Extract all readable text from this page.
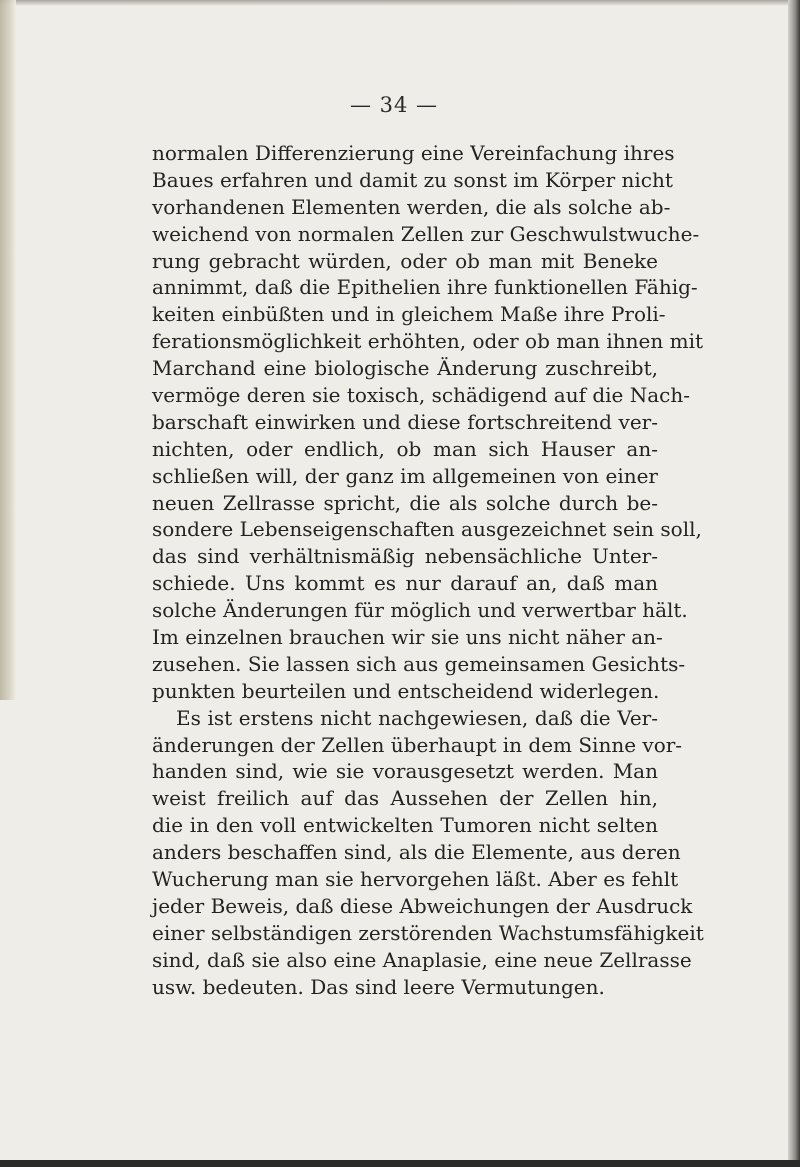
— 34 —
normalen Differenzierung eine Vereinfachung ihres
Baues erfahren und damit zu sonst im Körper nicht
vorhandenen Elementen werden, die als solche ab-
weichend von normalen Zellen zur Geschwulstwuche-
rung gebracht würden, oder ob man mit Beneke
annimmt, daß die Epithelien ihre funktionellen Fähig-
keiten einbüßten und in gleichem Maße ihre Proli-
ferationsmöglichkeit erhöhten, oder ob man ihnen mit
Marchand eine biologische Änderung zuschreibt,
vermöge deren sie toxisch, schädigend auf die Nach-
barschaft einwirken und diese fortschreitend ver-
nichten, oder endlich, ob man sich Hauser an-
schließen will, der ganz im allgemeinen von einer
neuen Zellrasse spricht, die als solche durch be-
sondere Lebenseigenschaften ausgezeichnet sein soll,
das sind verhältnismäßig nebensächliche Unter-
schiede. Uns kommt es nur darauf an, daß man
solche Änderungen für möglich und verwertbar hält.
Im einzelnen brauchen wir sie uns nicht näher an-
zusehen. Sie lassen sich aus gemeinsamen Gesichts-
punkten beurteilen und entscheidend widerlegen.
Es ist erstens nicht nachgewiesen, daß die Ver-
änderungen der Zellen überhaupt in dem Sinne vor-
handen sind, wie sie vorausgesetzt werden. Man
weist freilich auf das Aussehen der Zellen hin,
die in den voll entwickelten Tumoren nicht selten
anders beschaffen sind, als die Elemente, aus deren
Wucherung man sie hervorgehen läßt. Aber es fehlt
jeder Beweis, daß diese Abweichungen der Ausdruck
einer selbständigen zerstörenden Wachstumsfähigkeit
sind, daß sie also eine Anaplasie, eine neue Zellrasse
usw. bedeuten. Das sind leere Vermutungen.
